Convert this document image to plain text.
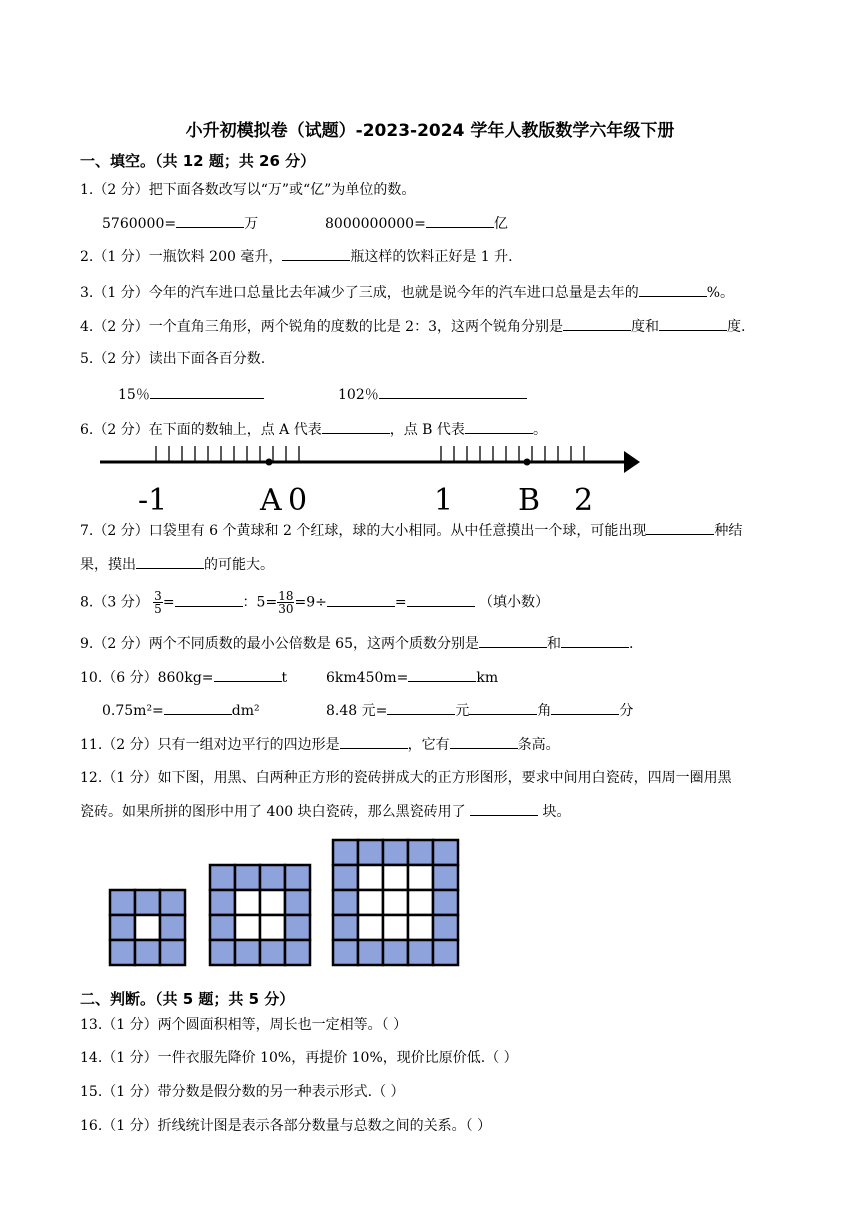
小升初模拟卷（试题）-2023-2024 学年人教版数学六年级下册
一、填空。（共 12 题；共 26 分）
1.（2 分）把下面各数改写以“万”或“亿”为单位的数。
5760000=	万	8000000000=	亿
2.（1 分）一瓶饮料 200 毫升，	瓶这样的饮料正好是 1 升.
3.（1 分）今年的汽车进口总量比去年减少了三成，也就是说今年的汽车进口总量是去年的	%。
4.（2 分）一个直角三角形，两个锐角的度数的比是 2：3，这两个锐角分别是	度和	度.
5.（2 分）读出下面各百分数.
15％	102％
6.（2 分）在下面的数轴上，点 A 代表	，点 B 代表	。
-1	A 0	1 B 2
7.（2 分）口袋里有 6 个黄球和 2 个红球，球的大小相同。从中任意摸出一个球，可能出现	种结
果，摸出	的可能大。
8.（3 分） $\frac{3}{5}$ =	：$5= \frac{18}{30} =9\div$	=	（填小数）
9.（2 分）两个不同质数的最小公倍数是 65，这两个质数分别是	和	.
10.（6 分）860kg=	t	6km450m=	km
0.75m²=	dm²	8.48 元=	元	角	分
11.（2 分）只有一组对边平行的四边形是	，它有	条高。
12.（1 分）如下图，用黑、白两种正方形的瓷砖拼成大的正方形图形，要求中间用白瓷砖，四周一圈用黑
瓷砖。如果所拼的图形中用了 400 块白瓷砖，那么黑瓷砖用了	块。
二、判断。（共 5 题；共 5 分）
13.（1 分）两个圆面积相等，周长也一定相等。（ ）
14.（1 分）一件衣服先降价 10%，再提价 10%，现价比原价低.（ ）
15.（1 分）带分数是假分数的另一种表示形式.（ ）
16.（1 分）折线统计图是表示各部分数量与总数之间的关系。（ ）
